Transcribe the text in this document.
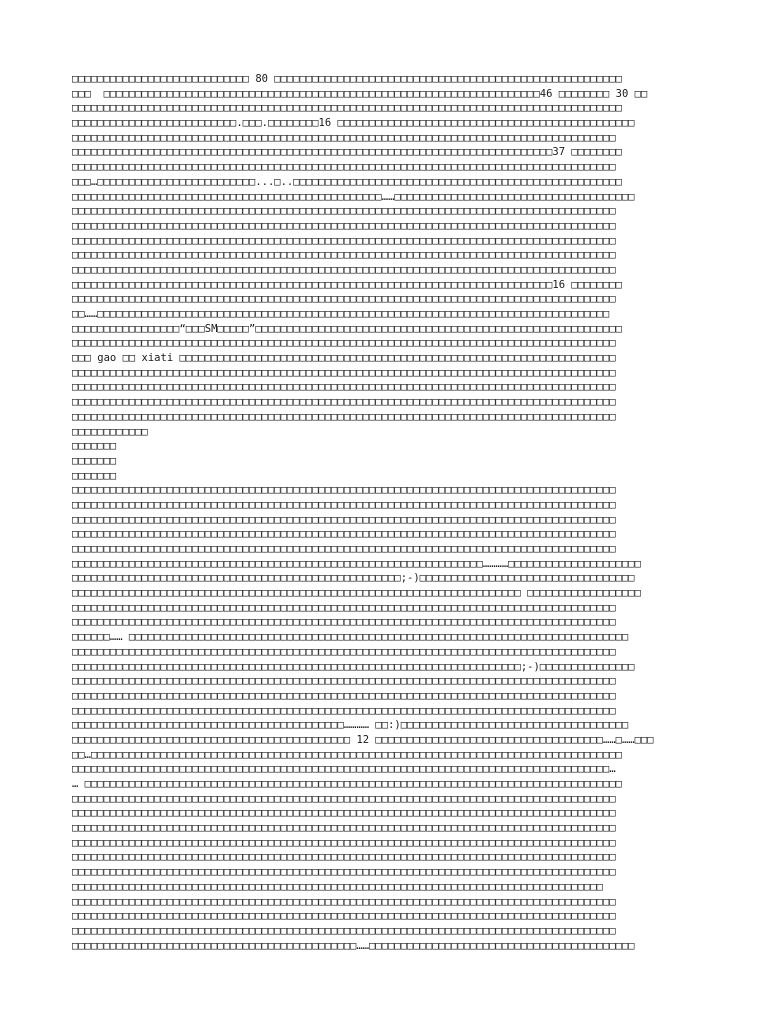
□□□□□□□□□□□□□□□□□□□□□□□□□□□□ 80 □□□□□□□□□□□□□□□□□□□□□□□□□□□□□□□□□□□□□□□□□□□□□□□□□□□□□□□
□□□  □□□□□□□□□□□□□□□□□□□□□□□□□□□□□□□□□□□□□□□□□□□□□□□□□□□□□□□□□□□□□□□□□□□□□46 □□□□□□□□ 30 □□
□□□□□□□□□□□□□□□□□□□□□□□□□□□□□□□□□□□□□□□□□□□□□□□□□□□□□□□□□□□□□□□□□□□□□□□□□□□□□□□□□□□□□□□
□□□□□□□□□□□□□□□□□□□□□□□□□□.□□□.□□□□□□□□16 □□□□□□□□□□□□□□□□□□□□□□□□□□□□□□□□□□□□□□□□□□□□□□□
□□□□□□□□□□□□□□□□□□□□□□□□□□□□□□□□□□□□□□□□□□□□□□□□□□□□□□□□□□□□□□□□□□□□□□□□□□□□□□□□□□□□□□
□□□□□□□□□□□□□□□□□□□□□□□□□□□□□□□□□□□□□□□□□□□□□□□□□□□□□□□□□□□□□□□□□□□□□□□□□□□□37 □□□□□□□□
□□□□□□□□□□□□□□□□□□□□□□□□□□□□□□□□□□□□□□□□□□□□□□□□□□□□□□□□□□□□□□□□□□□□□□□□□□□□□□□□□□□□□□
□□□…□□□□□□□□□□□□□□□□□□□□□□□□□...□..□□□□□□□□□□□□□□□□□□□□□□□□□□□□□□□□□□□□□□□□□□□□□□□□□□□□
□□□□□□□□□□□□□□□□□□□□□□□□□□□□□□□□□□□□□□□□□□□□□□□□□……□□□□□□□□□□□□□□□□□□□□□□□□□□□□□□□□□□□□□□
□□□□□□□□□□□□□□□□□□□□□□□□□□□□□□□□□□□□□□□□□□□□□□□□□□□□□□□□□□□□□□□□□□□□□□□□□□□□□□□□□□□□□□
□□□□□□□□□□□□□□□□□□□□□□□□□□□□□□□□□□□□□□□□□□□□□□□□□□□□□□□□□□□□□□□□□□□□□□□□□□□□□□□□□□□□□□
□□□□□□□□□□□□□□□□□□□□□□□□□□□□□□□□□□□□□□□□□□□□□□□□□□□□□□□□□□□□□□□□□□□□□□□□□□□□□□□□□□□□□□
□□□□□□□□□□□□□□□□□□□□□□□□□□□□□□□□□□□□□□□□□□□□□□□□□□□□□□□□□□□□□□□□□□□□□□□□□□□□□□□□□□□□□□
□□□□□□□□□□□□□□□□□□□□□□□□□□□□□□□□□□□□□□□□□□□□□□□□□□□□□□□□□□□□□□□□□□□□□□□□□□□□□□□□□□□□□□
□□□□□□□□□□□□□□□□□□□□□□□□□□□□□□□□□□□□□□□□□□□□□□□□□□□□□□□□□□□□□□□□□□□□□□□□□□□□16 □□□□□□□□
□□□□□□□□□□□□□□□□□□□□□□□□□□□□□□□□□□□□□□□□□□□□□□□□□□□□□□□□□□□□□□□□□□□□□□□□□□□□□□□□□□□□□□
□□……□□□□□□□□□□□□□□□□□□□□□□□□□□□□□□□□□□□□□□□□□□□□□□□□□□□□□□□□□□□□□□□□□□□□□□□□□□□□□□□□□
□□□□□□□□□□□□□□□□□“□□□SM□□□□□”□□□□□□□□□□□□□□□□□□□□□□□□□□□□□□□□□□□□□□□□□□□□□□□□□□□□□□□□□□
□□□□□□□□□□□□□□□□□□□□□□□□□□□□□□□□□□□□□□□□□□□□□□□□□□□□□□□□□□□□□□□□□□□□□□□□□□□□□□□□□□□□□□
□□□ gao □□ xiati □□□□□□□□□□□□□□□□□□□□□□□□□□□□□□□□□□□□□□□□□□□□□□□□□□□□□□□□□□□□□□□□□□□□□
□□□□□□□□□□□□□□□□□□□□□□□□□□□□□□□□□□□□□□□□□□□□□□□□□□□□□□□□□□□□□□□□□□□□□□□□□□□□□□□□□□□□□□
□□□□□□□□□□□□□□□□□□□□□□□□□□□□□□□□□□□□□□□□□□□□□□□□□□□□□□□□□□□□□□□□□□□□□□□□□□□□□□□□□□□□□□
□□□□□□□□□□□□□□□□□□□□□□□□□□□□□□□□□□□□□□□□□□□□□□□□□□□□□□□□□□□□□□□□□□□□□□□□□□□□□□□□□□□□□□
□□□□□□□□□□□□□□□□□□□□□□□□□□□□□□□□□□□□□□□□□□□□□□□□□□□□□□□□□□□□□□□□□□□□□□□□□□□□□□□□□□□□□□
□□□□□□□□□□□□
□□□□□□□
□□□□□□□
□□□□□□□
□□□□□□□□□□□□□□□□□□□□□□□□□□□□□□□□□□□□□□□□□□□□□□□□□□□□□□□□□□□□□□□□□□□□□□□□□□□□□□□□□□□□□□
□□□□□□□□□□□□□□□□□□□□□□□□□□□□□□□□□□□□□□□□□□□□□□□□□□□□□□□□□□□□□□□□□□□□□□□□□□□□□□□□□□□□□□
□□□□□□□□□□□□□□□□□□□□□□□□□□□□□□□□□□□□□□□□□□□□□□□□□□□□□□□□□□□□□□□□□□□□□□□□□□□□□□□□□□□□□□
□□□□□□□□□□□□□□□□□□□□□□□□□□□□□□□□□□□□□□□□□□□□□□□□□□□□□□□□□□□□□□□□□□□□□□□□□□□□□□□□□□□□□□
□□□□□□□□□□□□□□□□□□□□□□□□□□□□□□□□□□□□□□□□□□□□□□□□□□□□□□□□□□□□□□□□□□□□□□□□□□□□□□□□□□□□□□
□□□□□□□□□□□□□□□□□□□□□□□□□□□□□□□□□□□□□□□□□□□□□□□□□□□□□□□□□□□□□□□□□…………□□□□□□□□□□□□□□□□□□□□□
□□□□□□□□□□□□□□□□□□□□□□□□□□□□□□□□□□□□□□□□□□□□□□□□□□□□;-)□□□□□□□□□□□□□□□□□□□□□□□□□□□□□□□□□□
□□□□□□□□□□□□□□□□□□□□□□□□□□□□□□□□□□□□□□□□□□□□□□□□□□□□□□□□□□□□□□□□□□□□□□□ □□□□□□□□□□□□□□□□□□
□□□□□□□□□□□□□□□□□□□□□□□□□□□□□□□□□□□□□□□□□□□□□□□□□□□□□□□□□□□□□□□□□□□□□□□□□□□□□□□□□□□□□□
□□□□□□□□□□□□□□□□□□□□□□□□□□□□□□□□□□□□□□□□□□□□□□□□□□□□□□□□□□□□□□□□□□□□□□□□□□□□□□□□□□□□□□
□□□□□□…… □□□□□□□□□□□□□□□□□□□□□□□□□□□□□□□□□□□□□□□□□□□□□□□□□□□□□□□□□□□□□□□□□□□□□□□□□□□□□□□
□□□□□□□□□□□□□□□□□□□□□□□□□□□□□□□□□□□□□□□□□□□□□□□□□□□□□□□□□□□□□□□□□□□□□□□□□□□□□□□□□□□□□□
□□□□□□□□□□□□□□□□□□□□□□□□□□□□□□□□□□□□□□□□□□□□□□□□□□□□□□□□□□□□□□□□□□□□□□□;-)□□□□□□□□□□□□□□□
□□□□□□□□□□□□□□□□□□□□□□□□□□□□□□□□□□□□□□□□□□□□□□□□□□□□□□□□□□□□□□□□□□□□□□□□□□□□□□□□□□□□□□
□□□□□□□□□□□□□□□□□□□□□□□□□□□□□□□□□□□□□□□□□□□□□□□□□□□□□□□□□□□□□□□□□□□□□□□□□□□□□□□□□□□□□□
□□□□□□□□□□□□□□□□□□□□□□□□□□□□□□□□□□□□□□□□□□□□□□□□□□□□□□□□□□□□□□□□□□□□□□□□□□□□□□□□□□□□□□
□□□□□□□□□□□□□□□□□□□□□□□□□□□□□□□□□□□□□□□□□□□………… □□:)□□□□□□□□□□□□□□□□□□□□□□□□□□□□□□□□□□□□
□□□□□□□□□□□□□□□□□□□□□□□□□□□□□□□□□□□□□□□□□□□□ 12 □□□□□□□□□□□□□□□□□□□□□□□□□□□□□□□□□□□□……□……□□□
□□…□□□□□□□□□□□□□□□□□□□□□□□□□□□□□□□□□□□□□□□□□□□□□□□□□□□□□□□□□□□□□□□□□□□□□□□□□□□□□□□□□□□□
□□□□□□□□□□□□□□□□□□□□□□□□□□□□□□□□□□□□□□□□□□□□□□□□□□□□□□□□□□□□□□□□□□□□□□□□□□□□□□□□□□□□□…
… □□□□□□□□□□□□□□□□□□□□□□□□□□□□□□□□□□□□□□□□□□□□□□□□□□□□□□□□□□□□□□□□□□□□□□□□□□□□□□□□□□□□□
□□□□□□□□□□□□□□□□□□□□□□□□□□□□□□□□□□□□□□□□□□□□□□□□□□□□□□□□□□□□□□□□□□□□□□□□□□□□□□□□□□□□□□
□□□□□□□□□□□□□□□□□□□□□□□□□□□□□□□□□□□□□□□□□□□□□□□□□□□□□□□□□□□□□□□□□□□□□□□□□□□□□□□□□□□□□□
□□□□□□□□□□□□□□□□□□□□□□□□□□□□□□□□□□□□□□□□□□□□□□□□□□□□□□□□□□□□□□□□□□□□□□□□□□□□□□□□□□□□□□
□□□□□□□□□□□□□□□□□□□□□□□□□□□□□□□□□□□□□□□□□□□□□□□□□□□□□□□□□□□□□□□□□□□□□□□□□□□□□□□□□□□□□□
□□□□□□□□□□□□□□□□□□□□□□□□□□□□□□□□□□□□□□□□□□□□□□□□□□□□□□□□□□□□□□□□□□□□□□□□□□□□□□□□□□□□□□
□□□□□□□□□□□□□□□□□□□□□□□□□□□□□□□□□□□□□□□□□□□□□□□□□□□□□□□□□□□□□□□□□□□□□□□□□□□□□□□□□□□□□□
□□□□□□□□□□□□□□□□□□□□□□□□□□□□□□□□□□□□□□□□□□□□□□□□□□□□□□□□□□□□□□□□□□□□□□□□□□□□□□□□□□□□
□□□□□□□□□□□□□□□□□□□□□□□□□□□□□□□□□□□□□□□□□□□□□□□□□□□□□□□□□□□□□□□□□□□□□□□□□□□□□□□□□□□□□□
□□□□□□□□□□□□□□□□□□□□□□□□□□□□□□□□□□□□□□□□□□□□□□□□□□□□□□□□□□□□□□□□□□□□□□□□□□□□□□□□□□□□□□
□□□□□□□□□□□□□□□□□□□□□□□□□□□□□□□□□□□□□□□□□□□□□□□□□□□□□□□□□□□□□□□□□□□□□□□□□□□□□□□□□□□□□□
□□□□□□□□□□□□□□□□□□□□□□□□□□□□□□□□□□□□□□□□□□□□□……□□□□□□□□□□□□□□□□□□□□□□□□□□□□□□□□□□□□□□□□□□
